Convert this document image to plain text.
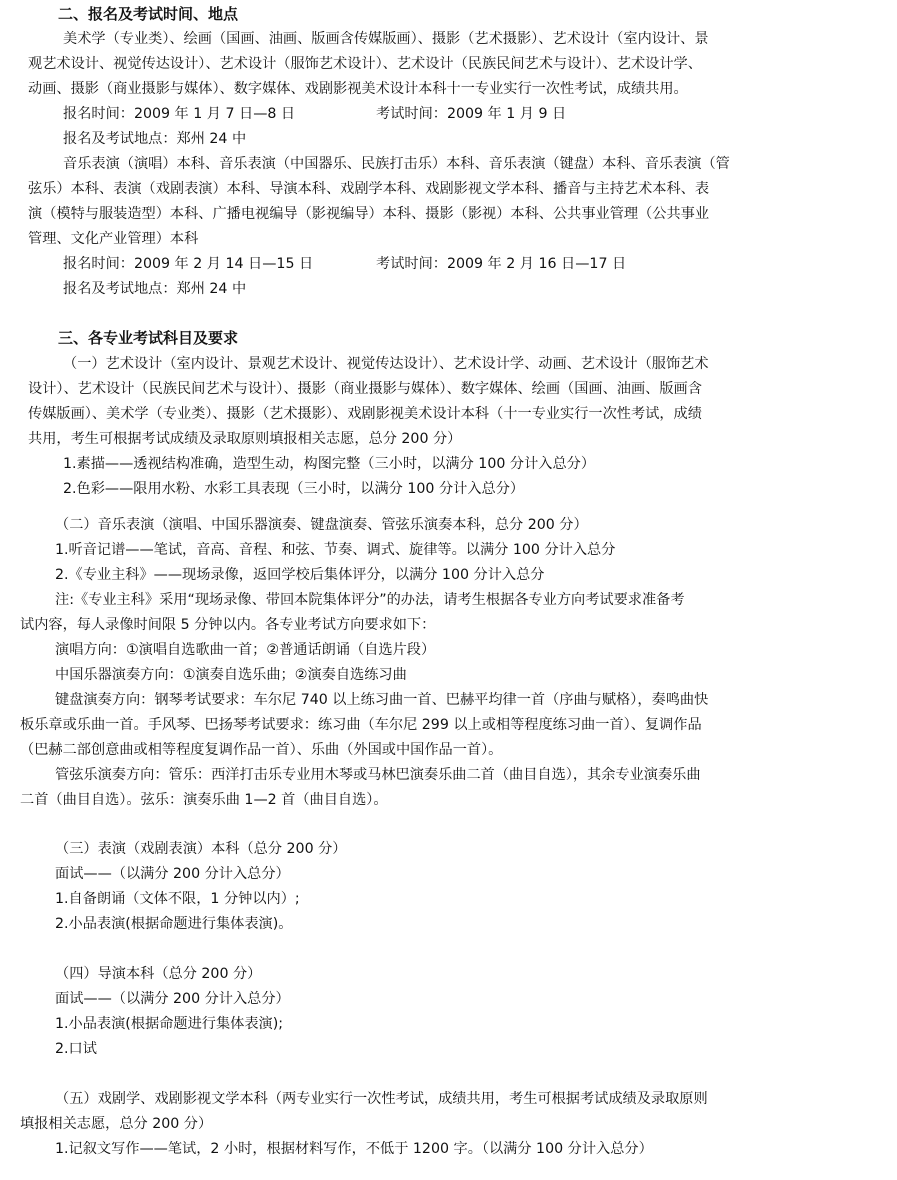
二、报名及考试时间、地点
美术学（专业类）、绘画（国画、油画、版画含传媒版画）、摄影（艺术摄影）、艺术设计（室内设计、景
观艺术设计、视觉传达设计）、艺术设计（服饰艺术设计）、艺术设计（民族民间艺术与设计）、艺术设计学、
动画、摄影（商业摄影与媒体）、数字媒体、戏剧影视美术设计本科十一专业实行一次性考试，成绩共用。
报名时间：2009 年 1 月 7 日—8 日	考试时间：2009 年 1 月 9 日
报名及考试地点：郑州 24 中
音乐表演（演唱）本科、音乐表演（中国器乐、民族打击乐）本科、音乐表演（键盘）本科、音乐表演（管
弦乐）本科、表演（戏剧表演）本科、导演本科、戏剧学本科、戏剧影视文学本科、播音与主持艺术本科、表
演（模特与服装造型）本科、广播电视编导（影视编导）本科、摄影（影视）本科、公共事业管理（公共事业
管理、文化产业管理）本科
报名时间：2009 年 2 月 14 日—15 日	考试时间：2009 年 2 月 16 日—17 日
报名及考试地点：郑州 24 中
三、各专业考试科目及要求
（一）艺术设计（室内设计、景观艺术设计、视觉传达设计）、艺术设计学、动画、艺术设计（服饰艺术
设计）、艺术设计（民族民间艺术与设计）、摄影（商业摄影与媒体）、数字媒体、绘画（国画、油画、版画含
传媒版画）、美术学（专业类）、摄影（艺术摄影）、戏剧影视美术设计本科（十一专业实行一次性考试，成绩
共用，考生可根据考试成绩及录取原则填报相关志愿，总分 200 分）
1.素描——透视结构准确，造型生动，构图完整（三小时，以满分 100 分计入总分）
2.色彩——限用水粉、水彩工具表现（三小时，以满分 100 分计入总分）
（二）音乐表演（演唱、中国乐器演奏、键盘演奏、管弦乐演奏本科，总分 200 分）
1.听音记谱——笔试，音高、音程、和弦、节奏、调式、旋律等。以满分 100 分计入总分
2.《专业主科》——现场录像，返回学校后集体评分，以满分 100 分计入总分
注:《专业主科》采用“现场录像、带回本院集体评分”的办法，请考生根据各专业方向考试要求准备考
试内容，每人录像时间限 5 分钟以内。各专业考试方向要求如下：
演唱方向：①演唱自选歌曲一首；②普通话朗诵（自选片段）
中国乐器演奏方向：①演奏自选乐曲；②演奏自选练习曲
键盘演奏方向：钢琴考试要求：车尔尼 740 以上练习曲一首、巴赫平均律一首（序曲与赋格），奏鸣曲快
板乐章或乐曲一首。手风琴、巴扬琴考试要求：练习曲（车尔尼 299 以上或相等程度练习曲一首）、复调作品
（巴赫二部创意曲或相等程度复调作品一首）、乐曲（外国或中国作品一首）。
管弦乐演奏方向：管乐：西洋打击乐专业用木琴或马林巴演奏乐曲二首（曲目自选），其余专业演奏乐曲
二首（曲目自选）。弦乐：演奏乐曲 1—2 首（曲目自选）。
（三）表演（戏剧表演）本科（总分 200 分）
面试——（以满分 200 分计入总分）
1.自备朗诵（文体不限，1 分钟以内）;
2.小品表演(根据命题进行集体表演)。
（四）导演本科（总分 200 分）
面试——（以满分 200 分计入总分）
1.小品表演(根据命题进行集体表演);
2.口试
（五）戏剧学、戏剧影视文学本科（两专业实行一次性考试，成绩共用，考生可根据考试成绩及录取原则
填报相关志愿，总分 200 分）
1.记叙文写作——笔试，2 小时，根据材料写作，不低于 1200 字。（以满分 100 分计入总分）
